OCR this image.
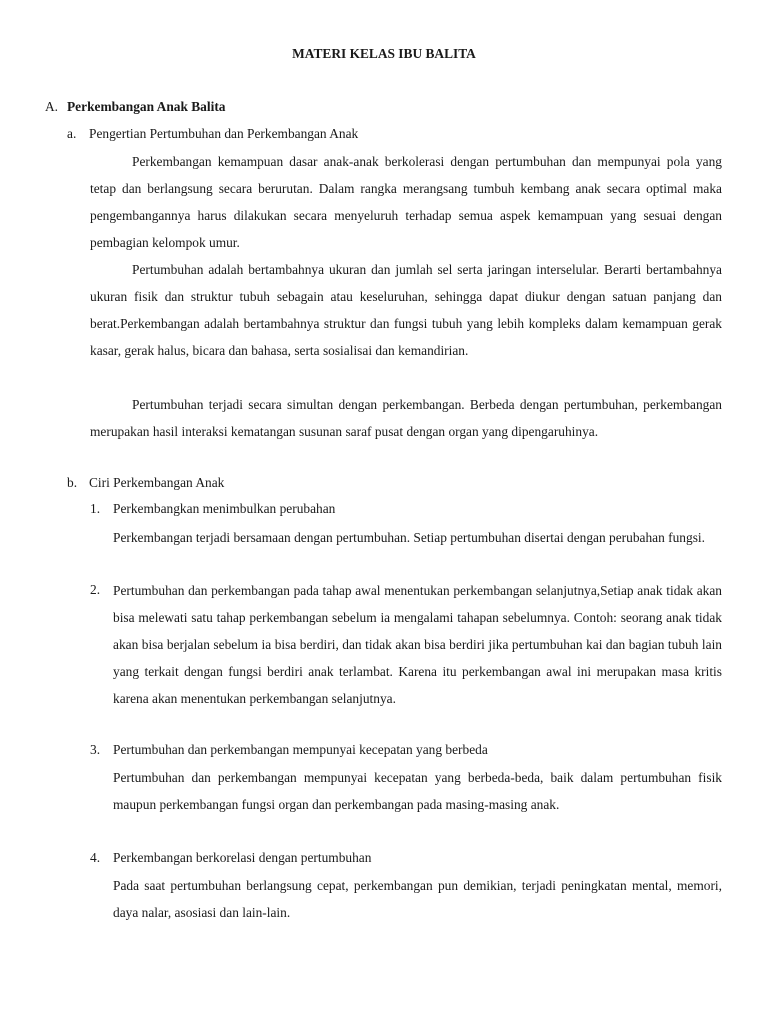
MATERI KELAS IBU BALITA
A. Perkembangan Anak Balita
a. Pengertian Pertumbuhan dan Perkembangan Anak
Perkembangan kemampuan dasar anak-anak berkolerasi dengan pertumbuhan dan mempunyai pola yang tetap dan berlangsung secara berurutan. Dalam rangka merangsang tumbuh kembang anak secara optimal maka pengembangannya harus dilakukan secara menyeluruh terhadap semua aspek kemampuan yang sesuai dengan pembagian kelompok umur.
Pertumbuhan adalah bertambahnya ukuran dan jumlah sel serta jaringan interselular. Berarti bertambahnya ukuran fisik dan struktur tubuh sebagain atau keseluruhan, sehingga dapat diukur dengan satuan panjang dan berat.Perkembangan adalah bertambahnya struktur dan fungsi tubuh yang lebih kompleks dalam kemampuan gerak kasar, gerak halus, bicara dan bahasa, serta sosialisai dan kemandirian.
Pertumbuhan terjadi secara simultan dengan perkembangan. Berbeda dengan pertumbuhan, perkembangan merupakan hasil interaksi kematangan susunan saraf pusat dengan organ yang dipengaruhinya.
b. Ciri Perkembangan Anak
1. Perkembangkan menimbulkan perubahan
Perkembangan terjadi bersamaan dengan pertumbuhan. Setiap pertumbuhan disertai dengan perubahan fungsi.
2. Pertumbuhan dan perkembangan pada tahap awal menentukan perkembangan selanjutnya,Setiap anak tidak akan bisa melewati satu tahap perkembangan sebelum ia mengalami tahapan sebelumnya. Contoh: seorang anak tidak akan bisa berjalan sebelum ia bisa berdiri, dan tidak akan bisa berdiri jika pertumbuhan kai dan bagian tubuh lain yang terkait dengan fungsi berdiri anak terlambat. Karena itu perkembangan awal ini merupakan masa kritis karena akan menentukan perkembangan selanjutnya.
3. Pertumbuhan dan perkembangan mempunyai kecepatan yang berbeda
Pertumbuhan dan perkembangan mempunyai kecepatan yang berbeda-beda, baik dalam pertumbuhan fisik maupun perkembangan fungsi organ dan perkembangan pada masing-masing anak.
4. Perkembangan berkorelasi dengan pertumbuhan
Pada saat pertumbuhan berlangsung cepat, perkembangan pun demikian, terjadi peningkatan mental, memori, daya nalar, asosiasi dan lain-lain.
